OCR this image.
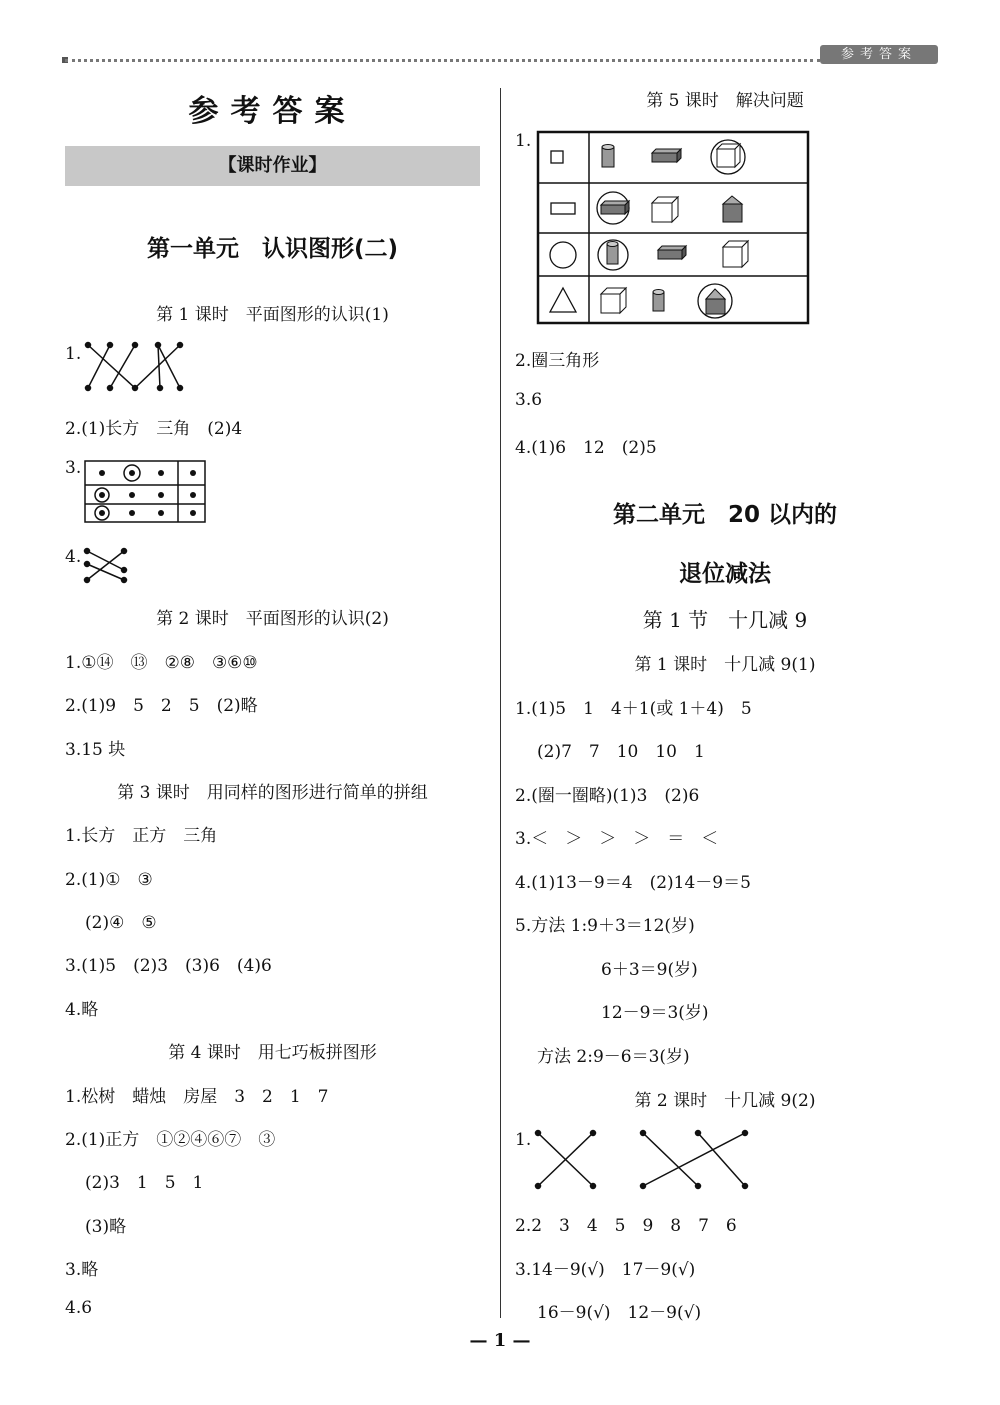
参考答案
参考答案
【课时作业】
第一单元　认识图形(二)
第 1 课时　平面图形的认识(1)
1.
2.(1)长方　三角　(2)4
3.
4.
第 2 课时　平面图形的认识(2)
1.①⑭　⑬　②⑧　③⑥⑩
2.(1)9　5　2　5　(2)略
3.15 块
第 3 课时　用同样的图形进行简单的拼组
1.长方　正方　三角
2.(1)①　③
(2)④　⑤
3.(1)5　(2)3　(3)6　(4)6
4.略
第 4 课时　用七巧板拼图形
1.松树　蜡烛　房屋　3　2　1　7
2.(1)正方　①②④⑥⑦　③
(2)3　1　5　1
(3)略
3.略
4.6
第 5 课时　解决问题
1.
2.圈三角形
3.6
4.(1)6　12　(2)5
第二单元　20 以内的
退位减法
第 1 节　十几减 9
第 1 课时　十几减 9(1)
1.(1)5　1　4＋1(或 1＋4)　5
(2)7　7　10　10　1
2.(圈一圈略)(1)3　(2)6
3.＜　＞　＞　＞　＝　＜
4.(1)13－9＝4　(2)14－9＝5
5.方法 1:9＋3＝12(岁)
6＋3＝9(岁)
12－9＝3(岁)
方法 2:9－6＝3(岁)
第 2 课时　十几减 9(2)
1.
2.2　3　4　5　9　8　7　6
3.14－9(√)　17－9(√)
16－9(√)　12－9(√)
— 1 —
